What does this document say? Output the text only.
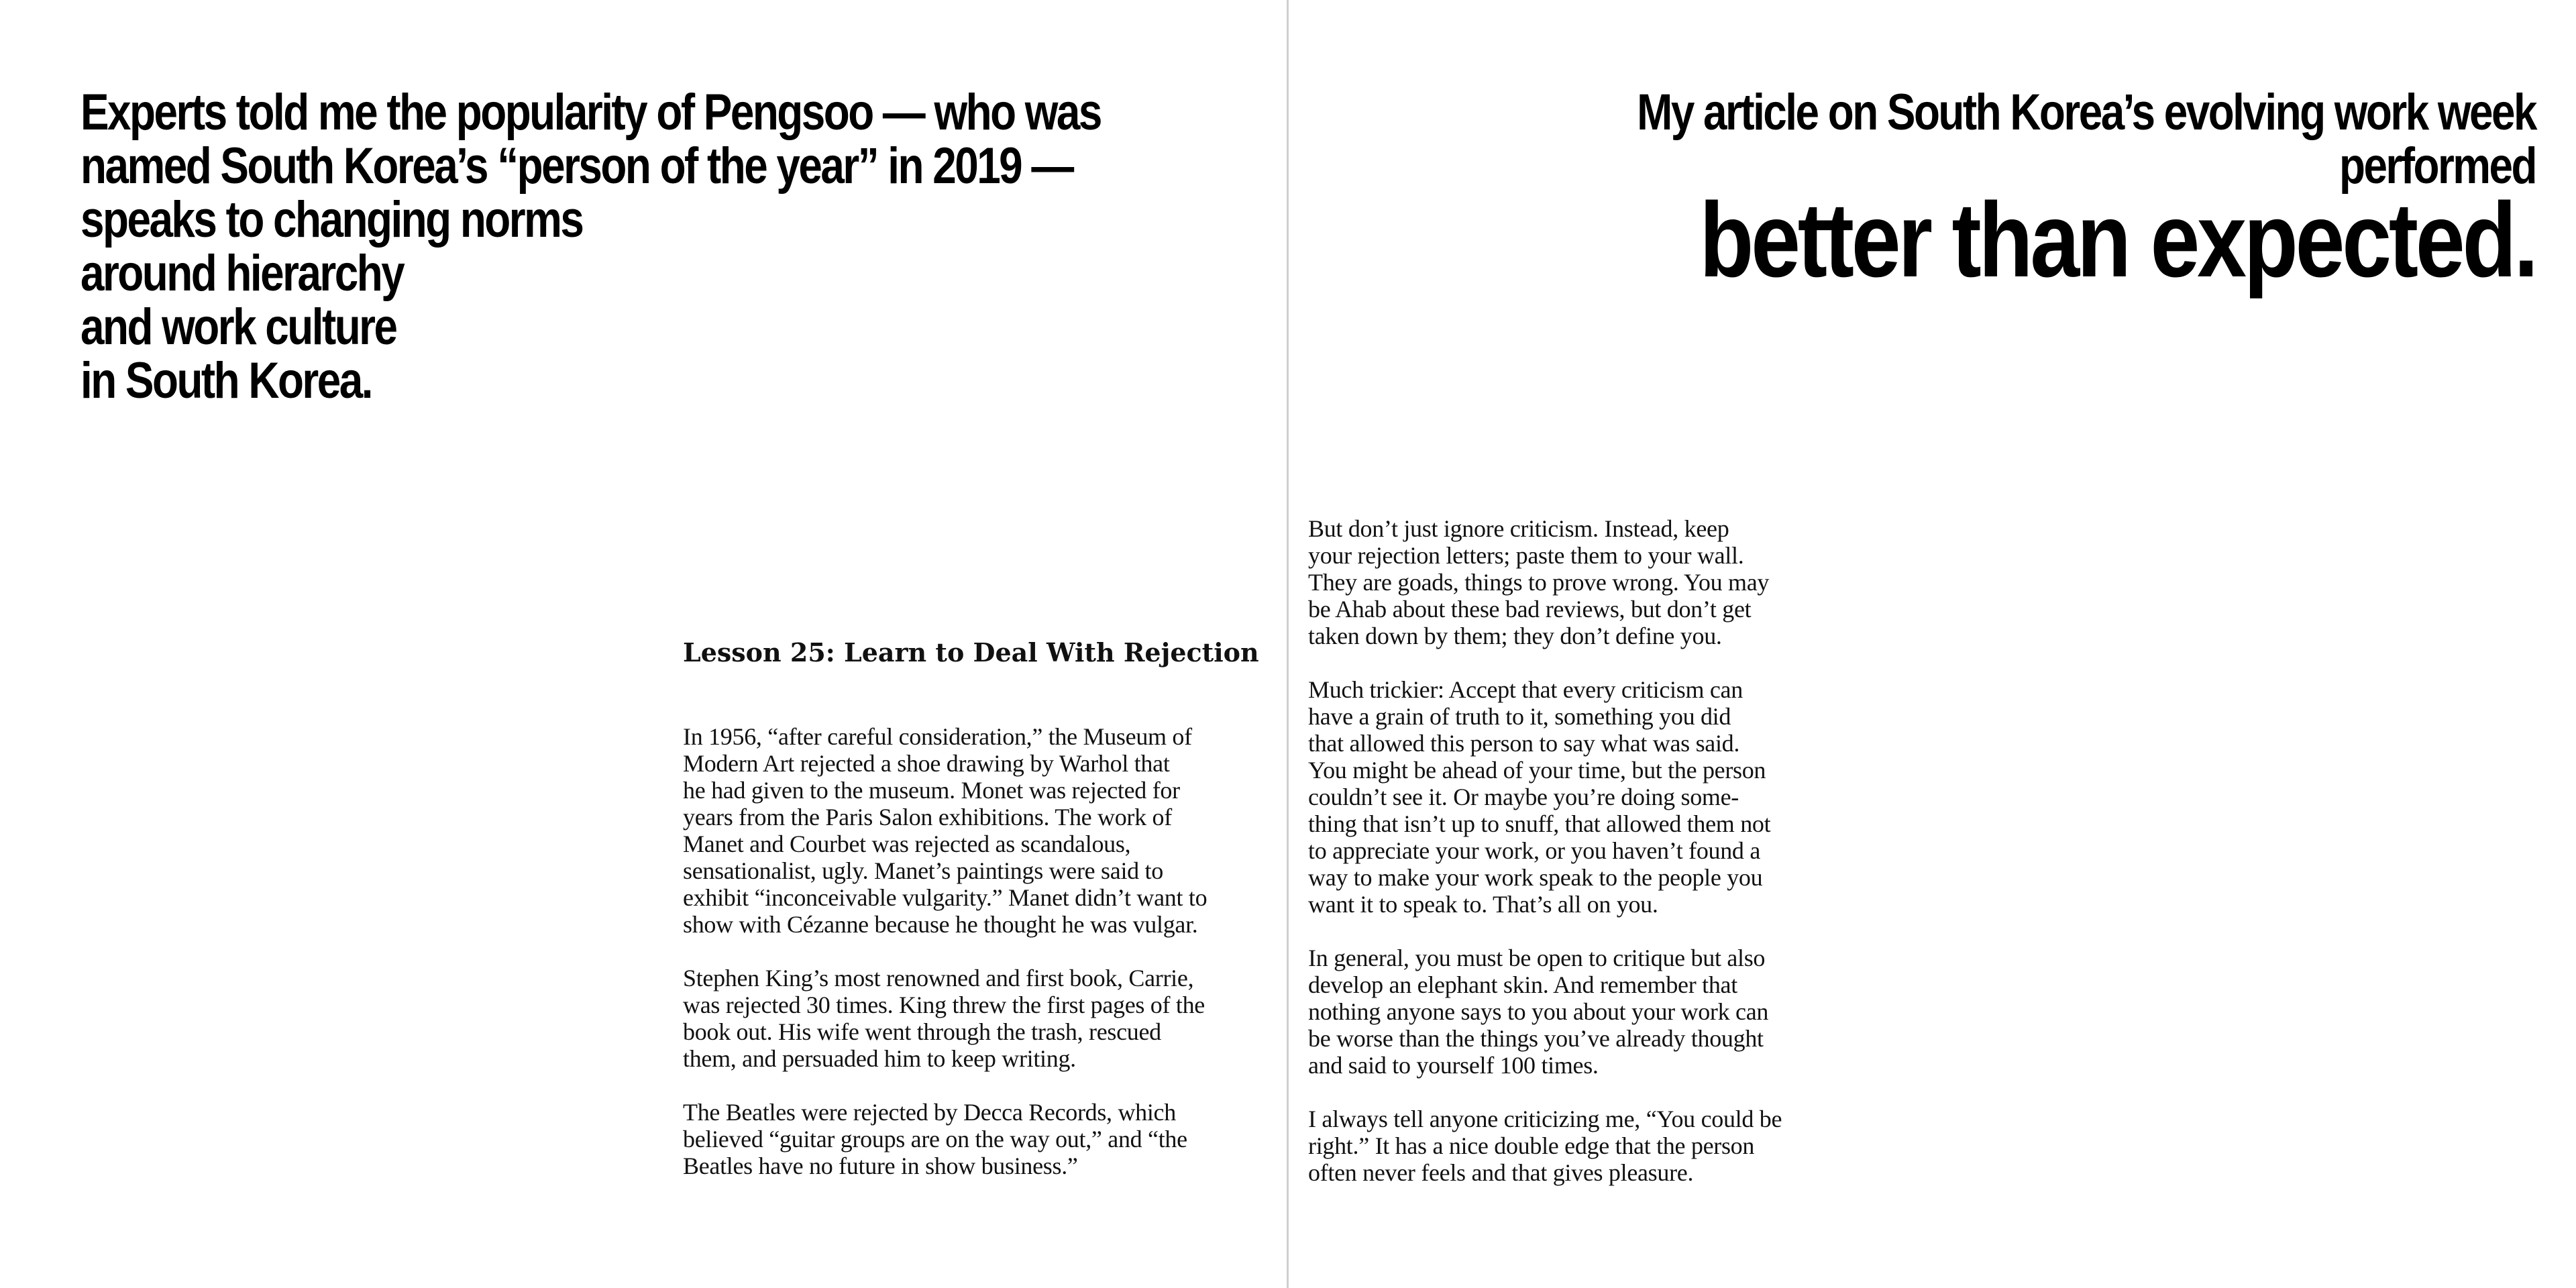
Experts told me the popularity of Pengsoo — who was
named South Korea’s “person of the year” in 2019 —
speaks to changing norms
around hierarchy
and work culture
in South Korea.
Lesson 25: Learn to Deal With Rejection

In 1956, “after careful consideration,” the Museum of
Modern Art rejected a shoe drawing by Warhol that
he had given to the museum. Monet was rejected for
years from the Paris Salon exhibitions. The work of
Manet and Courbet was rejected as scandalous,
sensationalist, ugly. Manet’s paintings were said to
exhibit “inconceivable vulgarity.” Manet didn’t want to
show with Cézanne because he thought he was vulgar.

Stephen King’s most renowned and first book, Carrie,
was rejected 30 times. King threw the first pages of the
book out. His wife went through the trash, rescued
them, and persuaded him to keep writing.

The Beatles were rejected by Decca Records, which
believed “guitar groups are on the way out,” and “the
Beatles have no future in show business.”

My article on South Korea’s evolving work week
performed
better than expected.

But don’t just ignore criticism. Instead, keep
your rejection letters; paste them to your wall.
They are goads, things to prove wrong. You may
be Ahab about these bad reviews, but don’t get
taken down by them; they don’t define you.

Much trickier: Accept that every criticism can
have a grain of truth to it, something you did
that allowed this person to say what was said.
You might be ahead of your time, but the person
couldn’t see it. Or maybe you’re doing some-
thing that isn’t up to snuff, that allowed them not
to appreciate your work, or you haven’t found a
way to make your work speak to the people you
want it to speak to. That’s all on you.

In general, you must be open to critique but also
develop an elephant skin. And remember that
nothing anyone says to you about your work can
be worse than the things you’ve already thought
and said to yourself 100 times.

I always tell anyone criticizing me, “You could be
right.” It has a nice double edge that the person
often never feels and that gives pleasure.
